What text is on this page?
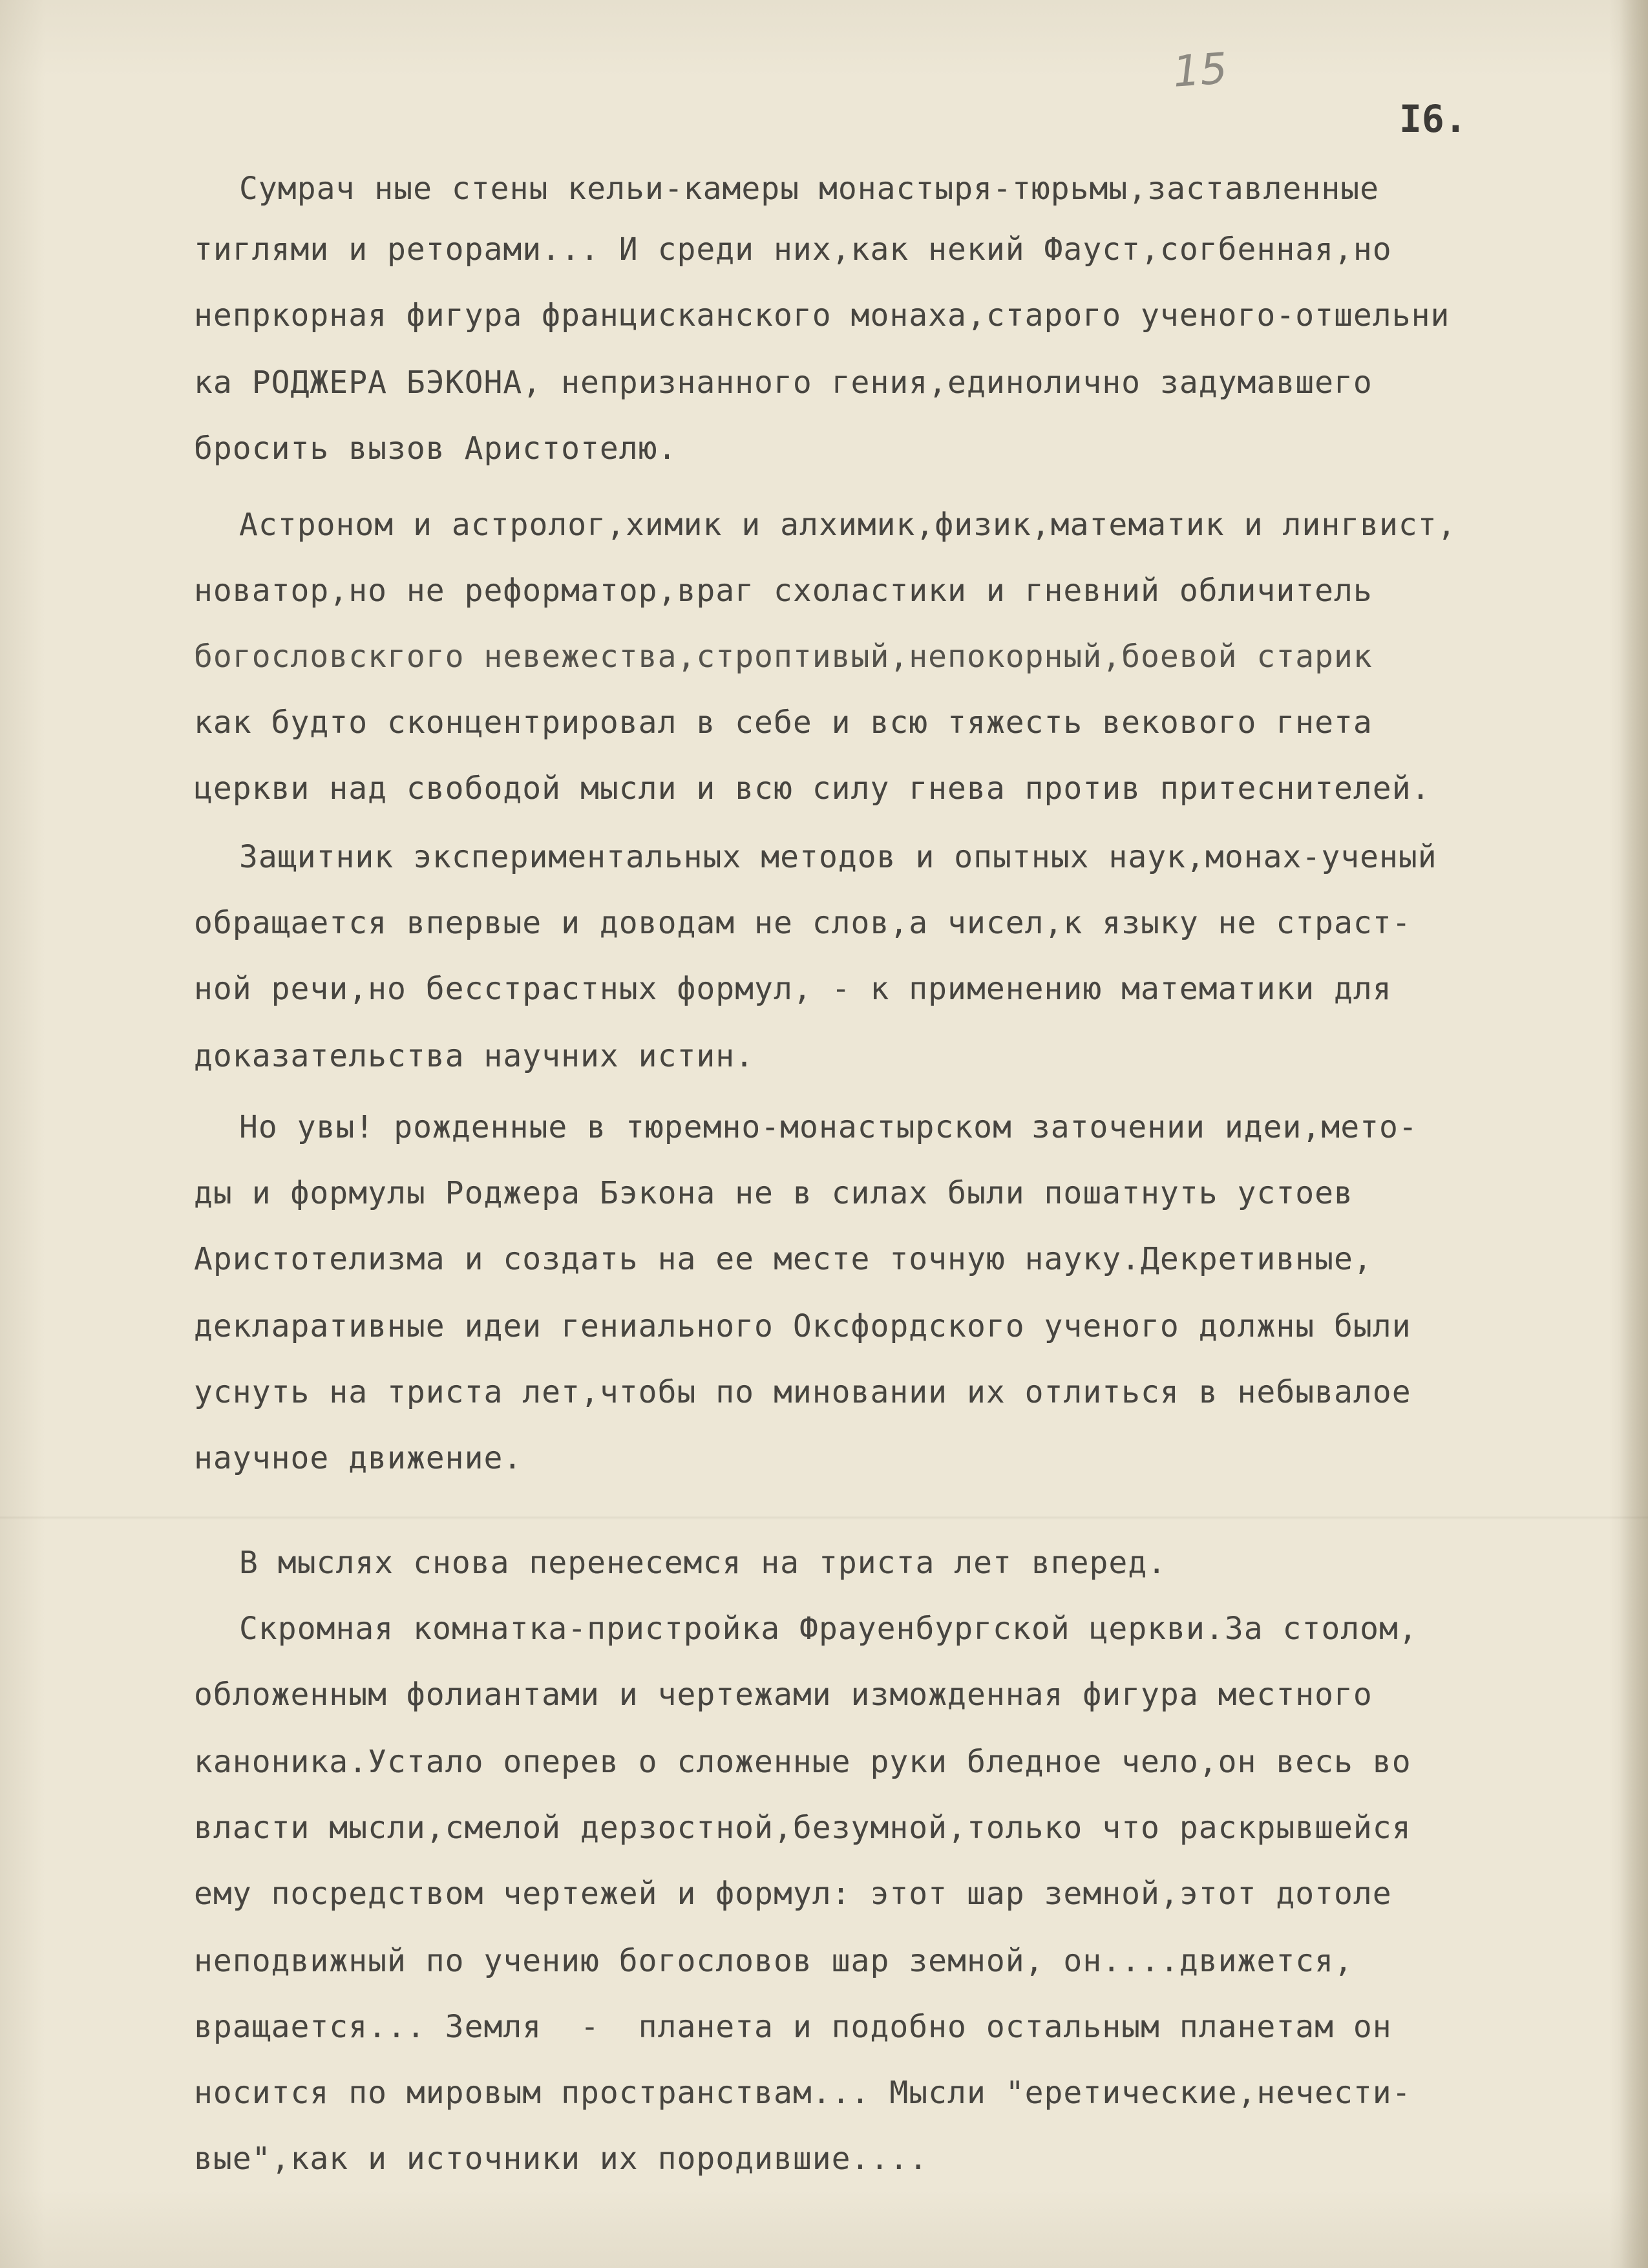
15
I6.
Сумрач ные стены кельи-камеры монастыря-тюрьмы,заставленные
тиглями и реторами... И среди них,как некий Фауст,согбенная,но
непркорная фигура францисканского монаха,старого ученого-отшельни
ка РОДЖЕРА БЭКОНА, непризнанного гения,единолично задумавшего
бросить вызов Аристотелю.
Астроном и астролог,химик и алхимик,физик,математик и лингвист,
новатор,но не реформатор,враг схоластики и гневний обличитель
богословскгого невежества,строптивый,непокорный,боевой старик
как будто сконцентрировал в себе и всю тяжесть векового гнета
церкви над свободой мысли и всю силу гнева против притеснителей.
Защитник экспериментальных методов и опытных наук,монах-ученый
обращается впервые и доводам не слов,а чисел,к языку не страст-
ной речи,но бесстрастных формул, - к применению математики для
доказательства научних истин.
Но увы! рожденные в тюремно-монастырском заточении идеи,мето-
ды и формулы Роджера Бэкона не в силах были пошатнуть устоев
Аристотелизма и создать на ее месте точную науку.Декретивные,
декларативные идеи гениального Оксфордского ученого должны были
уснуть на триста лет,чтобы по миновании их отлиться в небывалое
научное движение.
В мыслях снова перенесемся на триста лет вперед.
Скромная комнатка-пристройка Фрауенбургской церкви.За столом,
обложенным фолиантами и чертежами изможденная фигура местного
каноника.Устало оперев о сложенные руки бледное чело,он весь во
власти мысли,смелой дерзостной,безумной,только что раскрывшейся
ему посредством чертежей и формул: этот шар земной,этот дотоле
неподвижный по учению богословов шар земной, он....движется,
вращается... Земля  -  планета и подобно остальным планетам он
носится по мировым пространствам... Мысли "еретические,нечести-
вые",как и источники их породившие....
